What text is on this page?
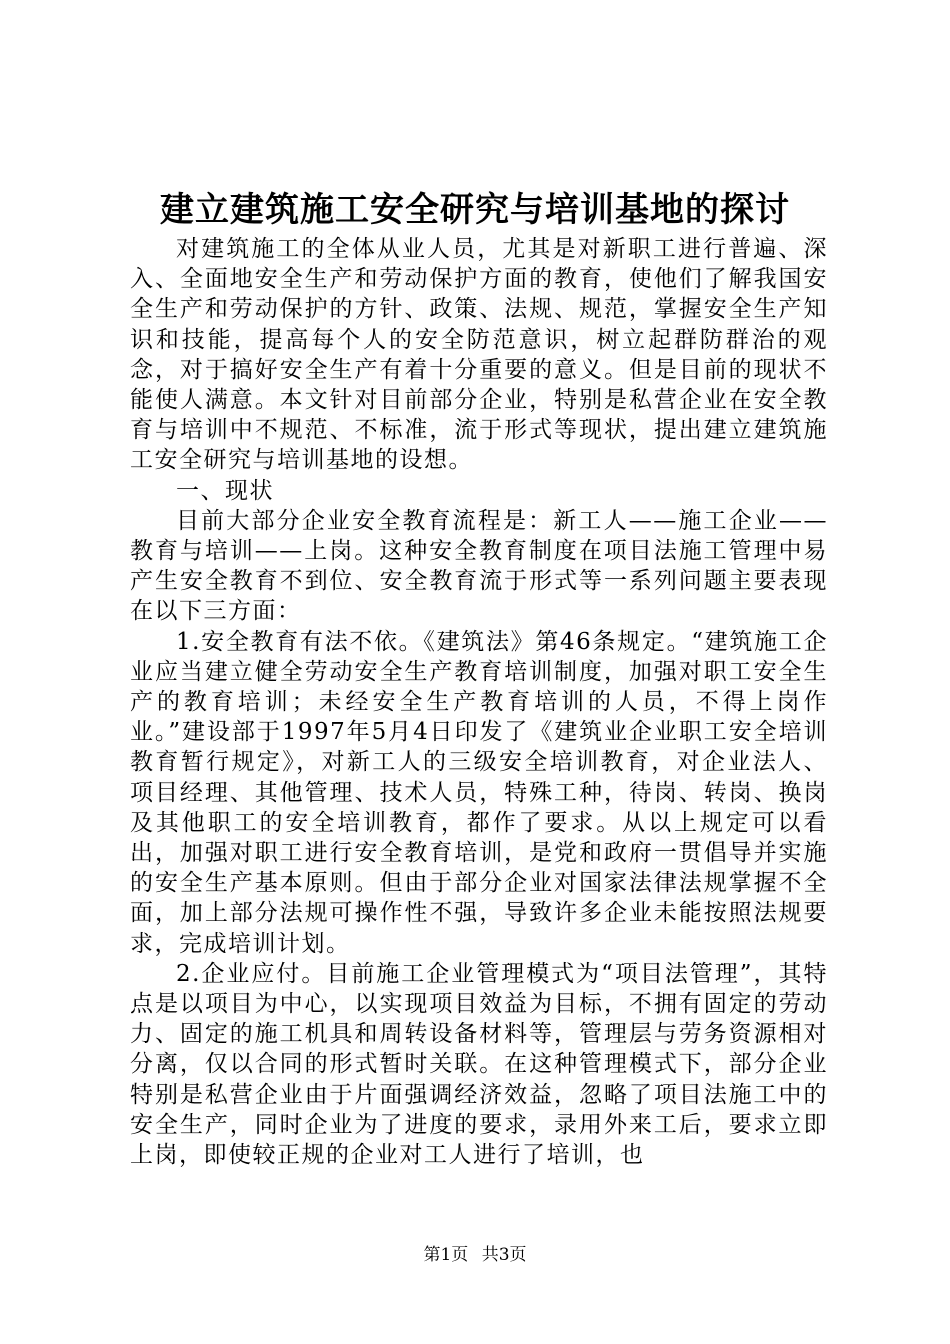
建立建筑施工安全研究与培训基地的探讨

对建筑施工的全体从业人员，尤其是对新职工进行普遍、深入、全面地安全生产和劳动保护方面的教育，使他们了解我国安全生产和劳动保护的方针、政策、法规、规范，掌握安全生产知识和技能，提高每个人的安全防范意识，树立起群防群治的观念，对于搞好安全生产有着十分重要的意义。但是目前的现状不能使人满意。本文针对目前部分企业，特别是私营企业在安全教育与培训中不规范、不标准，流于形式等现状，提出建立建筑施工安全研究与培训基地的设想。

一、现状

目前大部分企业安全教育流程是：新工人——施工企业——教育与培训——上岗。这种安全教育制度在项目法施工管理中易产生安全教育不到位、安全教育流于形式等一系列问题主要表现在以下三方面：

1.安全教育有法不依。《建筑法》第46条规定。“建筑施工企业应当建立健全劳动安全生产教育培训制度，加强对职工安全生产的教育培训；未经安全生产教育培训的人员，不得上岗作业。”建设部于1997年5月4日印发了《建筑业企业职工安全培训教育暂行规定》，对新工人的三级安全培训教育，对企业法人、项目经理、其他管理、技术人员，特殊工种，待岗、转岗、换岗及其他职工的安全培训教育，都作了要求。从以上规定可以看出，加强对职工进行安全教育培训，是党和政府一贯倡导并实施的安全生产基本原则。但由于部分企业对国家法律法规掌握不全面，加上部分法规可操作性不强，导致许多企业未能按照法规要求，完成培训计划。

2.企业应付。目前施工企业管理模式为“项目法管理”，其特点是以项目为中心，以实现项目效益为目标，不拥有固定的劳动力、固定的施工机具和周转设备材料等，管理层与劳务资源相对分离，仅以合同的形式暂时关联。在这种管理模式下，部分企业特别是私营企业由于片面强调经济效益，忽略了项目法施工中的安全生产，同时企业为了进度的要求，录用外来工后，要求立即上岗，即使较正规的企业对工人进行了培训，也

第1页 共3页
